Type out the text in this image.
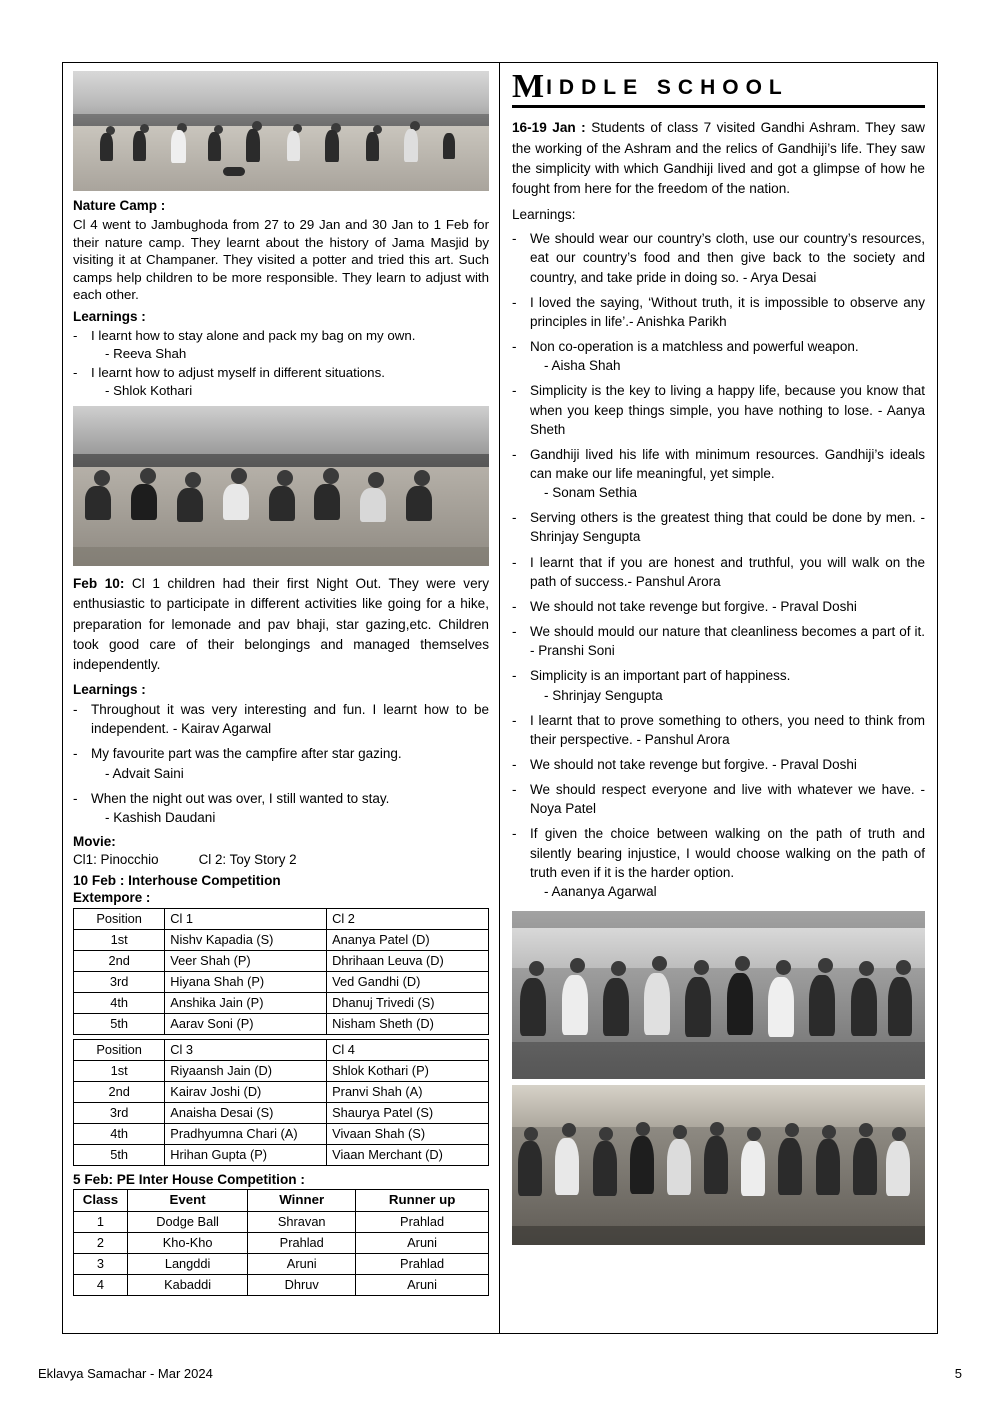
Nature Camp :

Cl 4 went to Jambughoda from 27 to 29 Jan and 30 Jan to 1 Feb for their nature camp. They learnt about the history of Jama Masjid by visiting it at Champaner. They visited a potter and tried this art. Such camps help children to be more responsible. They learn to adjust with each other.

Learnings :
-	I learnt how to stay alone and pack my bag on my own.
- Reeva Shah
-	I learnt how to adjust myself in different situations.
- Shlok Kothari

Feb 10: Cl 1 children had their first Night Out. They were very enthusiastic to participate in different activities like going for a hike, preparation for lemonade and pav bhaji, star gazing,etc. Children took good care of their belongings and managed themselves independently.

Learnings :
-	Throughout it was very interesting and fun. I learnt how to be independent. - Kairav Agarwal
-	My favourite part was the campfire after star gazing.
- Advait Saini
-	When the night out was over, I still wanted to stay.
- Kashish Daudani
Movie:
Cl1: Pinocchio	Cl 2: Toy Story 2
10 Feb : Interhouse Competition
Extempore :
Position	Cl 1	Cl 2
1st	Nishv Kapadia (S)	Ananya Patel (D)
2nd	Veer Shah (P)	Dhrihaan Leuva (D)
3rd	Hiyana Shah (P)	Ved Gandhi (D)
4th	Anshika Jain (P)	Dhanuj Trivedi (S)
5th	Aarav Soni (P)	Nisham Sheth (D)
Position	Cl 3	Cl 4
1st	Riyaansh Jain (D)	Shlok Kothari (P)
2nd	Kairav Joshi (D)	Pranvi Shah (A)
3rd	Anaisha Desai (S)	Shaurya Patel (S)
4th	Pradhyumna Chari (A)	Vivaan Shah (S)
5th	Hrihan Gupta (P)	Viaan Merchant (D)
5 Feb: PE Inter House Competition :
Class	Event	Winner	Runner up
1	Dodge Ball	Shravan	Prahlad
2	Kho-Kho	Prahlad	Aruni
3	Langddi	Aruni	Prahlad
4	Kabaddi	Dhruv	Aruni
M IDDLE SCHOOL

16-19 Jan : Students of class 7 visited Gandhi Ashram. They saw the working of the Ashram and the relics of Gandhiji’s life. They saw the simplicity with which Gandhiji lived and got a glimpse of how he fought from here for the freedom of the nation.

Learnings:

-	We should wear our country’s cloth, use our country’s resources, eat our country’s food and then give back to the society and country, and take pride in doing so. - Arya Desai
-	I loved the saying, ‘Without truth, it is impossible to observe any principles in life’.- Anishka Parikh
-	Non co-operation is a matchless and powerful weapon.
- Aisha Shah
-	Simplicity is the key to living a happy life, because you know that when you keep things simple, you have nothing to lose. - Aanya Sheth
-	Gandhiji lived his life with minimum resources. Gandhiji’s ideals can make our life meaningful, yet simple.
- Sonam Sethia
-	Serving others is the greatest thing that could be done by men. - Shrinjay Sengupta
-	I learnt that if you are honest and truthful, you will walk on the path of success.- Panshul Arora
-	We should not take revenge but forgive. - Praval Doshi
-	We should mould our nature that cleanliness becomes a part of it. - Pranshi Soni
-	Simplicity is an important part of happiness.
- Shrinjay Sengupta
-	I learnt that to prove something to others, you need to think from their perspective. - Panshul Arora
-	We should not take revenge but forgive. - Praval Doshi
-	We should respect everyone and live with whatever we have. - Noya Patel
-	If given the choice between walking on the path of truth and silently bearing injustice, I would choose walking on the path of truth even if it is the harder option.
- Aananya Agarwal
Eklavya Samachar - Mar 2024	5
